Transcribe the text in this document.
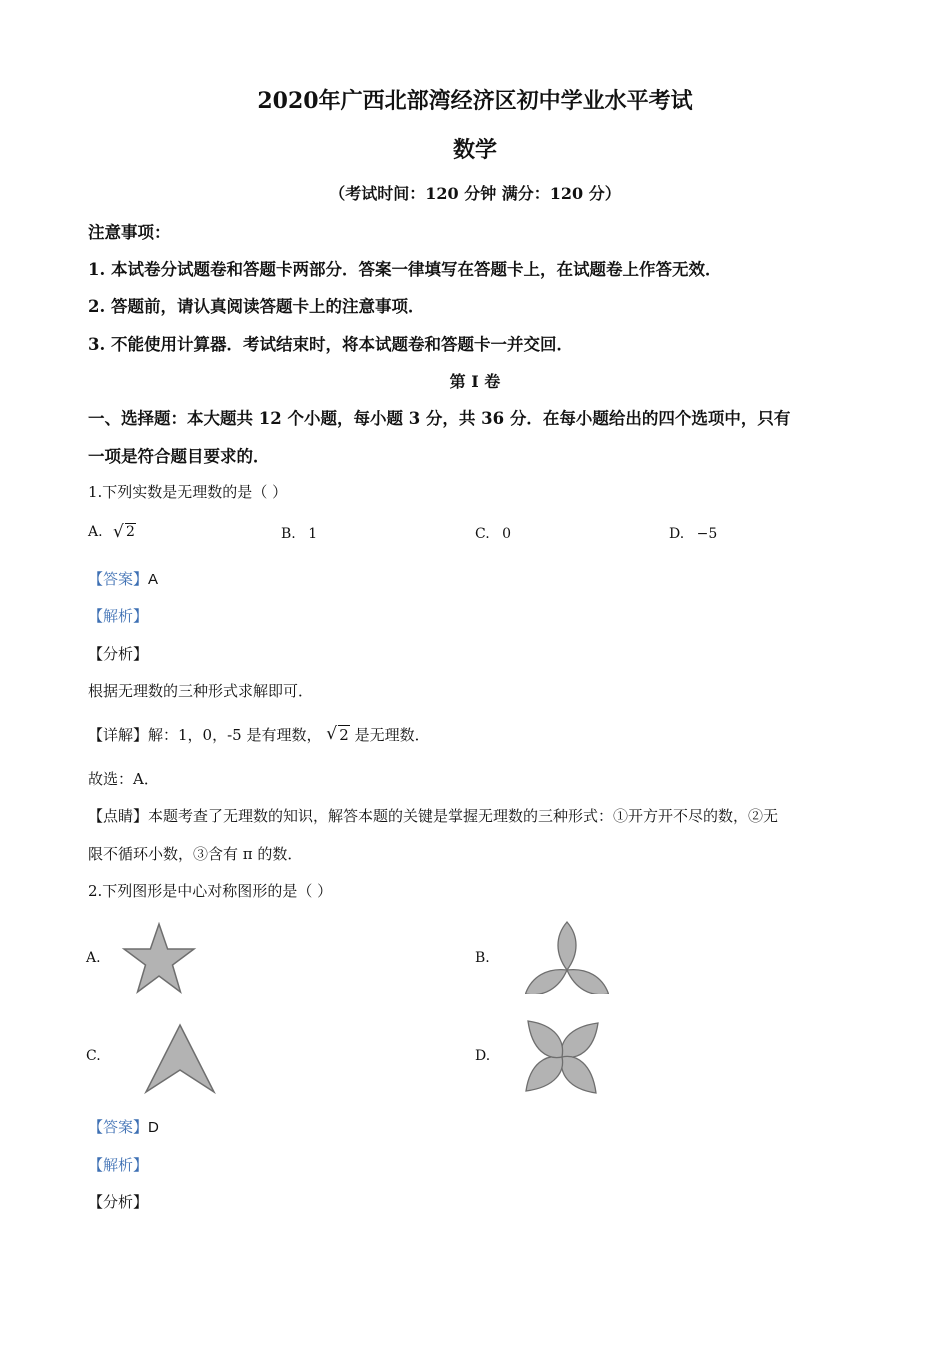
2020年广西北部湾经济区初中学业水平考试
数学
（考试时间：120 分钟 满分：120 分）
注意事项：
1. 本试卷分试题卷和答题卡两部分．答案一律填写在答题卡上，在试题卷上作答无效．
2. 答题前，请认真阅读答题卡上的注意事项．
3. 不能使用计算器．考试结束时，将本试题卷和答题卡一并交回．
第 I 卷
一、选择题：本大题共 12 个小题，每小题 3 分，共 36 分．在每小题给出的四个选项中，只有
一项是符合题目要求的．
1.下列实数是无理数的是（ ）
A. √ 2	B. 1	C. 0	D. −5
【答案】A
【解析】
【分析】
根据无理数的三种形式求解即可．
【详解】解：1，0，-5 是有理数， √ 2 是无理数．
故选：A．
【点睛】本题考查了无理数的知识，解答本题的关键是掌握无理数的三种形式：①开方开不尽的数，②无
限不循环小数，③含有 π 的数．
2.下列图形是中心对称图形的是（ ）
A.	B.
C.	D.
【答案】D
【解析】
【分析】
